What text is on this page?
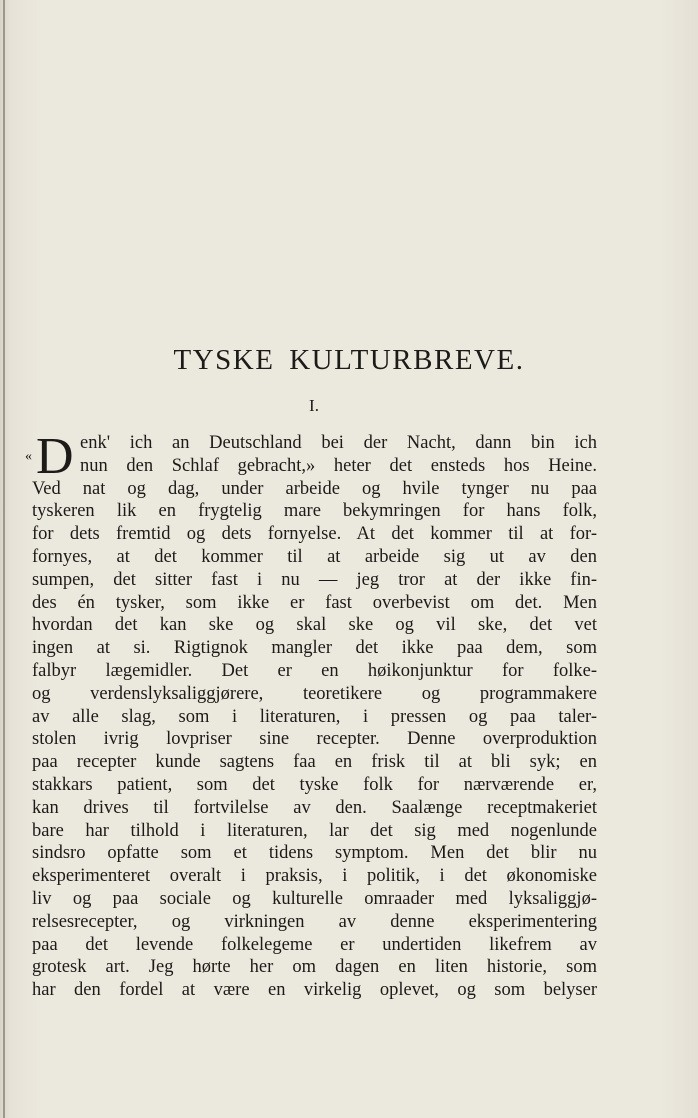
TYSKE KULTURBREVE.
I.
« D enk' ich an Deutschland bei der Nacht, dann bin ich
nun den Schlaf gebracht,» heter det ensteds hos Heine.
Ved nat og dag, under arbeide og hvile tynger nu paa
tyskeren lik en frygtelig mare bekymringen for hans folk,
for dets fremtid og dets fornyelse. At det kommer til at for-
fornyes, at det kommer til at arbeide sig ut av den
sumpen, det sitter fast i nu — jeg tror at der ikke fin-
des én tysker, som ikke er fast overbevist om det. Men
hvordan det kan ske og skal ske og vil ske, det vet
ingen at si. Rigtignok mangler det ikke paa dem, som
falbyr lægemidler. Det er en høikonjunktur for folke-
og verdenslyksaliggjørere, teoretikere og programmakere
av alle slag, som i literaturen, i pressen og paa taler-
stolen ivrig lovpriser sine recepter. Denne overproduktion
paa recepter kunde sagtens faa en frisk til at bli syk; en
stakkars patient, som det tyske folk for nærværende er,
kan drives til fortvilelse av den. Saalænge receptmakeriet
bare har tilhold i literaturen, lar det sig med nogenlunde
sindsro opfatte som et tidens symptom. Men det blir nu
eksperimenteret overalt i praksis, i politik, i det økonomiske
liv og paa sociale og kulturelle omraader med lyksaliggjø-
relsesrecepter, og virkningen av denne eksperimentering
paa det levende folkelegeme er undertiden likefrem av
grotesk art. Jeg hørte her om dagen en liten historie, som
har den fordel at være en virkelig oplevet, og som belyser
